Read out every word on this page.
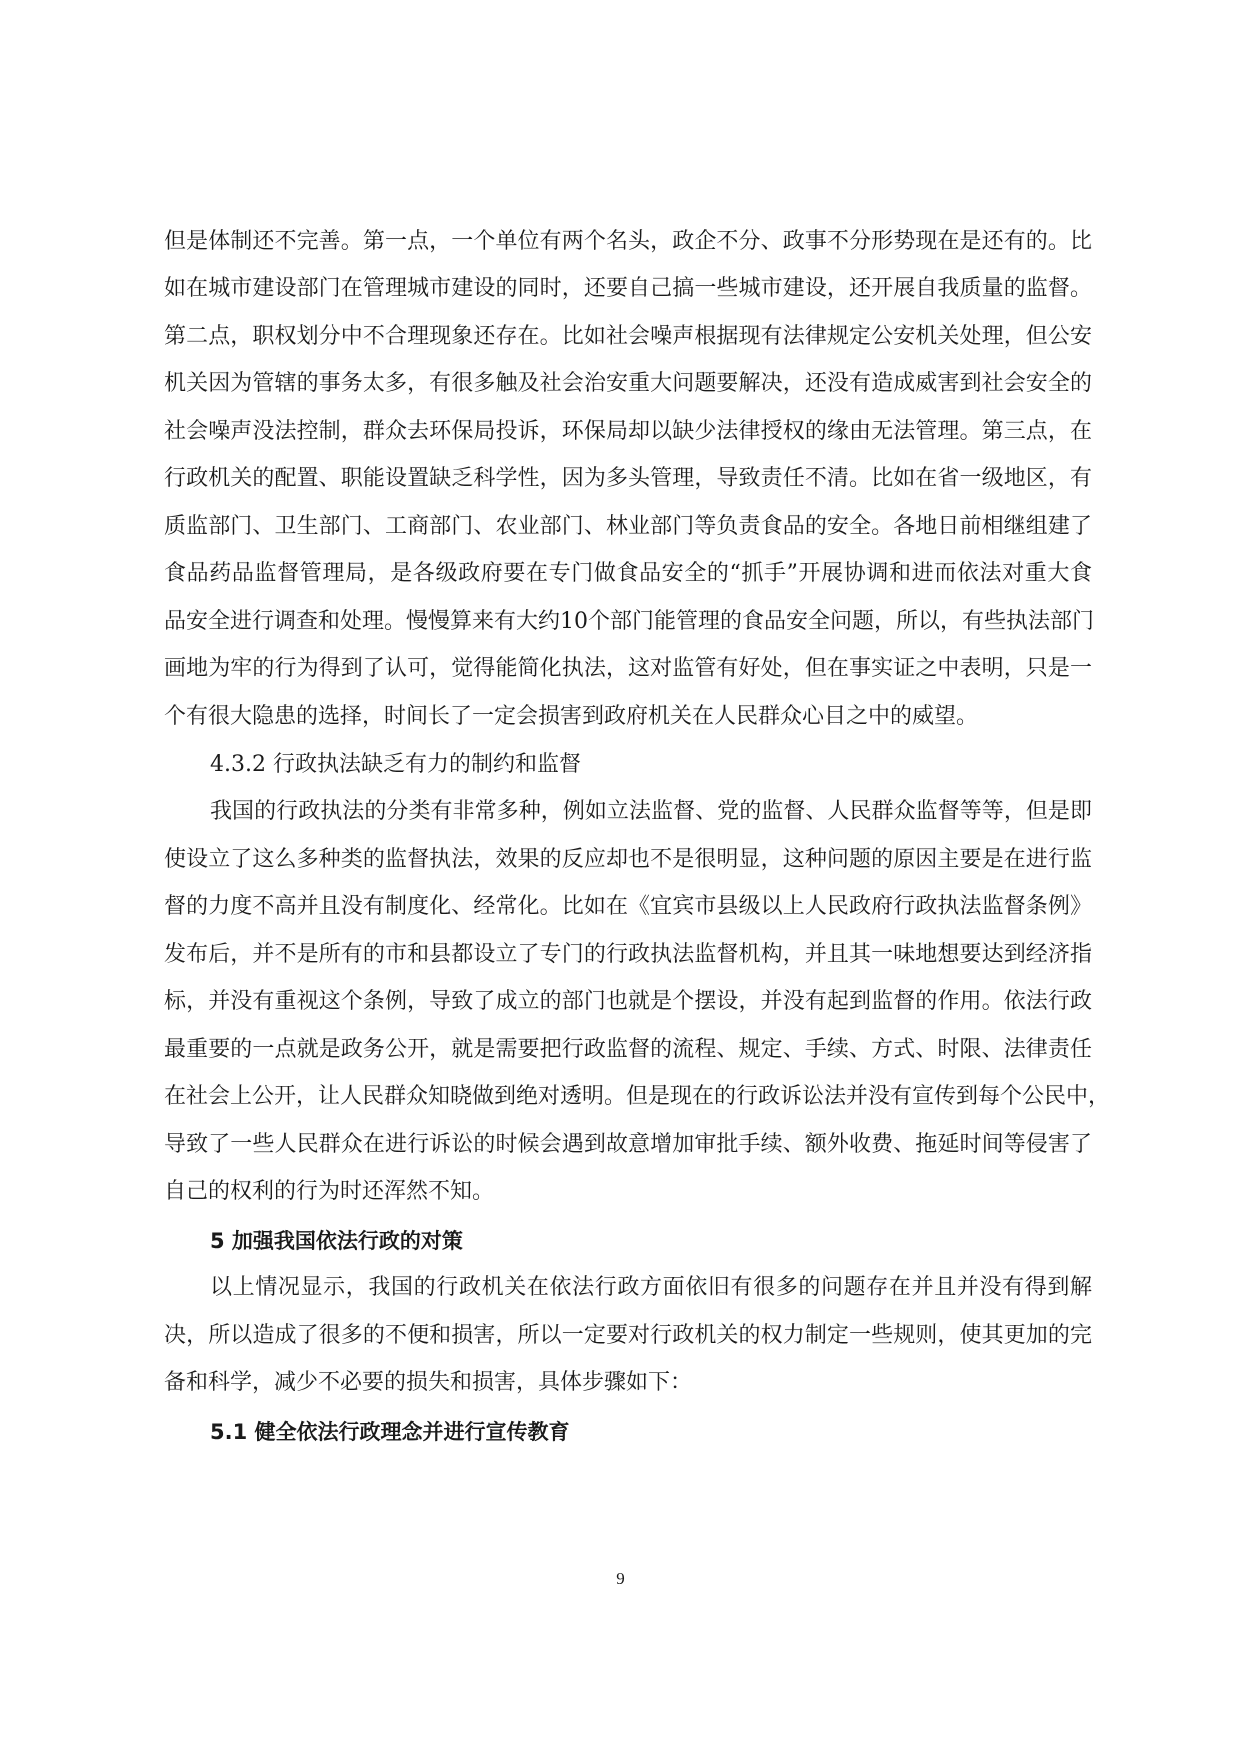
但是体制还不完善。第一点，一个单位有两个名头，政企不分、政事不分形势现在是还有的。比
如在城市建设部门在管理城市建设的同时，还要自己搞一些城市建设，还开展自我质量的监督。
第二点，职权划分中不合理现象还存在。比如社会噪声根据现有法律规定公安机关处理，但公安
机关因为管辖的事务太多，有很多触及社会治安重大问题要解决，还没有造成威害到社会安全的
社会噪声没法控制，群众去环保局投诉，环保局却以缺少法律授权的缘由无法管理。第三点，在
行政机关的配置、职能设置缺乏科学性，因为多头管理，导致责任不清。比如在省一级地区，有
质监部门、卫生部门、工商部门、农业部门、林业部门等负责食品的安全。各地日前相继组建了
食品药品监督管理局，是各级政府要在专门做食品安全的“抓手”开展协调和进而依法对重大食
品安全进行调查和处理。慢慢算来有大约10个部门能管理的食品安全问题，所以，有些执法部门
画地为牢的行为得到了认可，觉得能简化执法，这对监管有好处，但在事实证之中表明，只是一
个有很大隐患的选择，时间长了一定会损害到政府机关在人民群众心目之中的威望。
4.3.2 行政执法缺乏有力的制约和监督
我国的行政执法的分类有非常多种，例如立法监督、党的监督、人民群众监督等等，但是即
使设立了这么多种类的监督执法，效果的反应却也不是很明显，这种问题的原因主要是在进行监
督的力度不高并且没有制度化、经常化。比如在《宜宾市县级以上人民政府行政执法监督条例》
发布后，并不是所有的市和县都设立了专门的行政执法监督机构，并且其一味地想要达到经济指
标，并没有重视这个条例，导致了成立的部门也就是个摆设，并没有起到监督的作用。依法行政
最重要的一点就是政务公开，就是需要把行政监督的流程、规定、手续、方式、时限、法律责任
在社会上公开，让人民群众知晓做到绝对透明。但是现在的行政诉讼法并没有宣传到每个公民中，
导致了一些人民群众在进行诉讼的时候会遇到故意增加审批手续、额外收费、拖延时间等侵害了
自己的权利的行为时还浑然不知。
5 加强我国依法行政的对策
以上情况显示，我国的行政机关在依法行政方面依旧有很多的问题存在并且并没有得到解
决，所以造成了很多的不便和损害，所以一定要对行政机关的权力制定一些规则，使其更加的完
备和科学，减少不必要的损失和损害，具体步骤如下：
5.1 健全依法行政理念并进行宣传教育
9
